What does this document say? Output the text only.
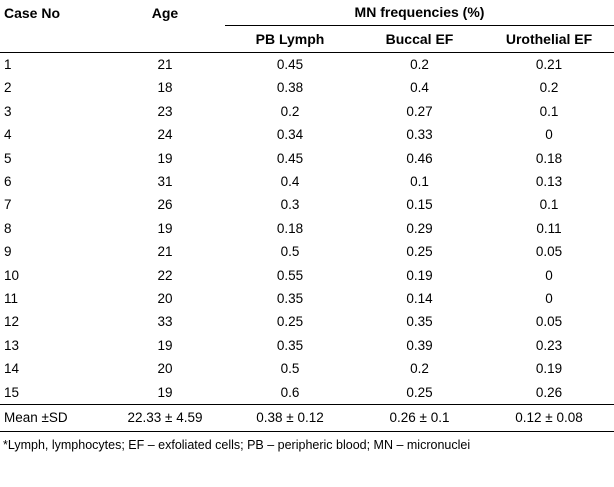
Case No	Age	MN frequencies (%)		
		PB Lymph	Buccal EF	Urothelial EF
1	21	0.45	0.2	0.21
2	18	0.38	0.4	0.2
3	23	0.2	0.27	0.1
4	24	0.34	0.33	0
5	19	0.45	0.46	0.18
6	31	0.4	0.1	0.13
7	26	0.3	0.15	0.1
8	19	0.18	0.29	0.11
9	21	0.5	0.25	0.05
10	22	0.55	0.19	0
11	20	0.35	0.14	0
12	33	0.25	0.35	0.05
13	19	0.35	0.39	0.23
14	20	0.5	0.2	0.19
15	19	0.6	0.25	0.26
Mean ±SD	22.33 ± 4.59	0.38 ± 0.12	0.26 ± 0.1	0.12 ± 0.08
*Lymph, lymphocytes; EF – exfoliated cells; PB – peripheric blood; MN – micronuclei
